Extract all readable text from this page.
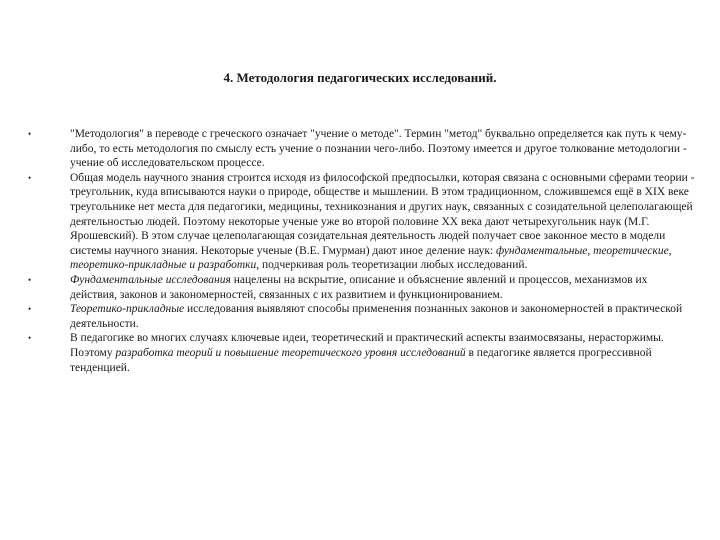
4. Методология педагогических исследований.
•	"Методология" в переводе с греческого означает "учение о методе". Термин "метод" буквально определяется как путь к чему-либо, то есть методология по смыслу есть учение о познании чего-либо. Поэтому имеется и другое толкование методологии - учение об исследовательском процессе.
•	Общая модель научного знания строится исходя из философской предпосылки, которая связана с основными сферами теории - треугольник, куда вписываются науки о природе, обществе и мышлении. В этом традиционном, сложившемся ещё в XIX веке треугольнике нет места для педагогики, медицины, техникознания и других наук, связанных с созидательной целеполагающей деятельностью людей. Поэтому некоторые ученые уже во второй половине XX века дают четырехугольник наук (М.Г. Ярошевский). В этом случае целеполагающая созидательная деятельность людей получает свое законное место в модели системы научного знания. Некоторые ученые (В.Е. Гмурман) дают иное деление наук: фундаментальные, теоретические, теоретико-прикладные и разработки, подчеркивая роль теоретизации любых исследований.
•	Фундаментальные исследования нацелены на вскрытие, описание и объяснение явлений и процессов, механизмов их действия, законов и закономерностей, связанных с их развитием и функционированием.
•	Теоретико-прикладные исследования выявляют способы применения познанных законов и закономерностей в практической деятельности.
•	В педагогике во многих случаях ключевые идеи, теоретический и практический аспекты взаимосвязаны, нерасторжимы. Поэтому разработка теорий и повышение теоретического уровня исследований в педагогике является прогрессивной тенденцией.
